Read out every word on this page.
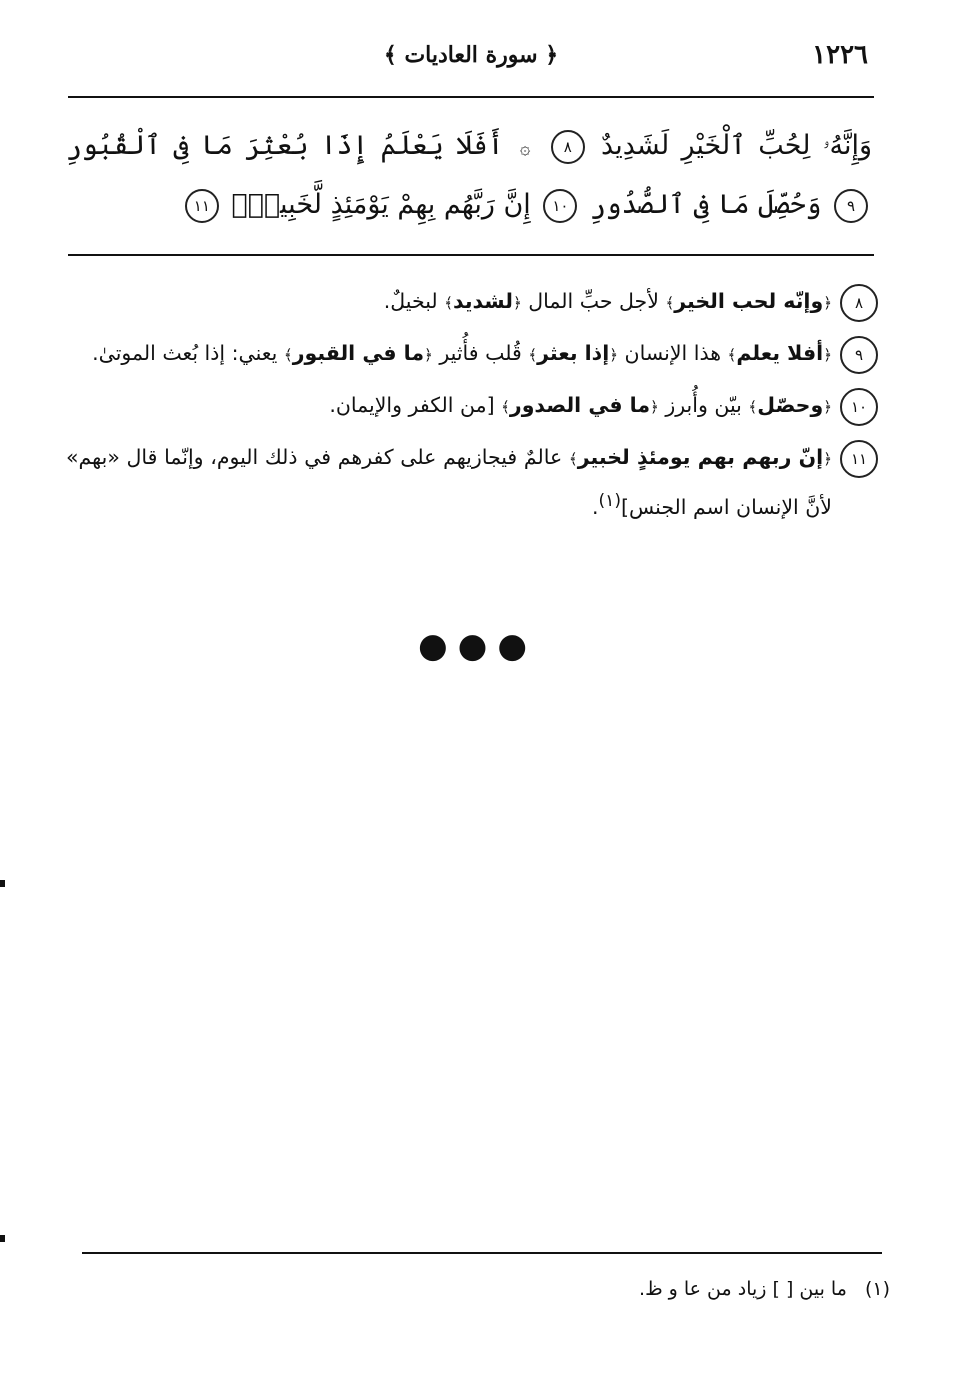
١٢٢٦
﴿ سورة العاديات ﴾
وَإِنَّهُۥ لِحُبِّ ٱلْخَيْرِ لَشَدِيدٌ ٨ ۞ أَفَلَا يَعْلَمُ إِذَا بُعْثِرَ مَا فِى ٱلْقُبُورِ ٩ وَحُصِّلَ مَا فِى ٱلصُّدُورِ ١٠ إِنَّ رَبَّهُم بِهِمْ يَوْمَئِذٍ لَّخَبِيرٌۢ ١١
٨
﴿وإنّه لحب الخير﴾ لأجل حبِّ المال ﴿لشديد﴾ لبخيلٌ.
٩
﴿أفلا يعلم﴾ هذا الإنسان ﴿إذا بعثر﴾ قُلب فأُثير ﴿ما في القبور﴾ يعني: إذا بُعث الموتىٰ.
١٠
﴿وحصّل﴾ بيّن وأُبرز ﴿ما في الصدور﴾ [من الكفر والإيمان.
١١
﴿إنّ ربهم بهم يومئذٍ لخبير﴾ عالمٌ فيجازيهم على كفرهم في ذلك اليوم، وإنّما قال «بهم» لأنَّ الإنسان اسم الجنس]$^{(١)}$.
●●●
(١) ما بين [ ] زياد من عا و ظ.
